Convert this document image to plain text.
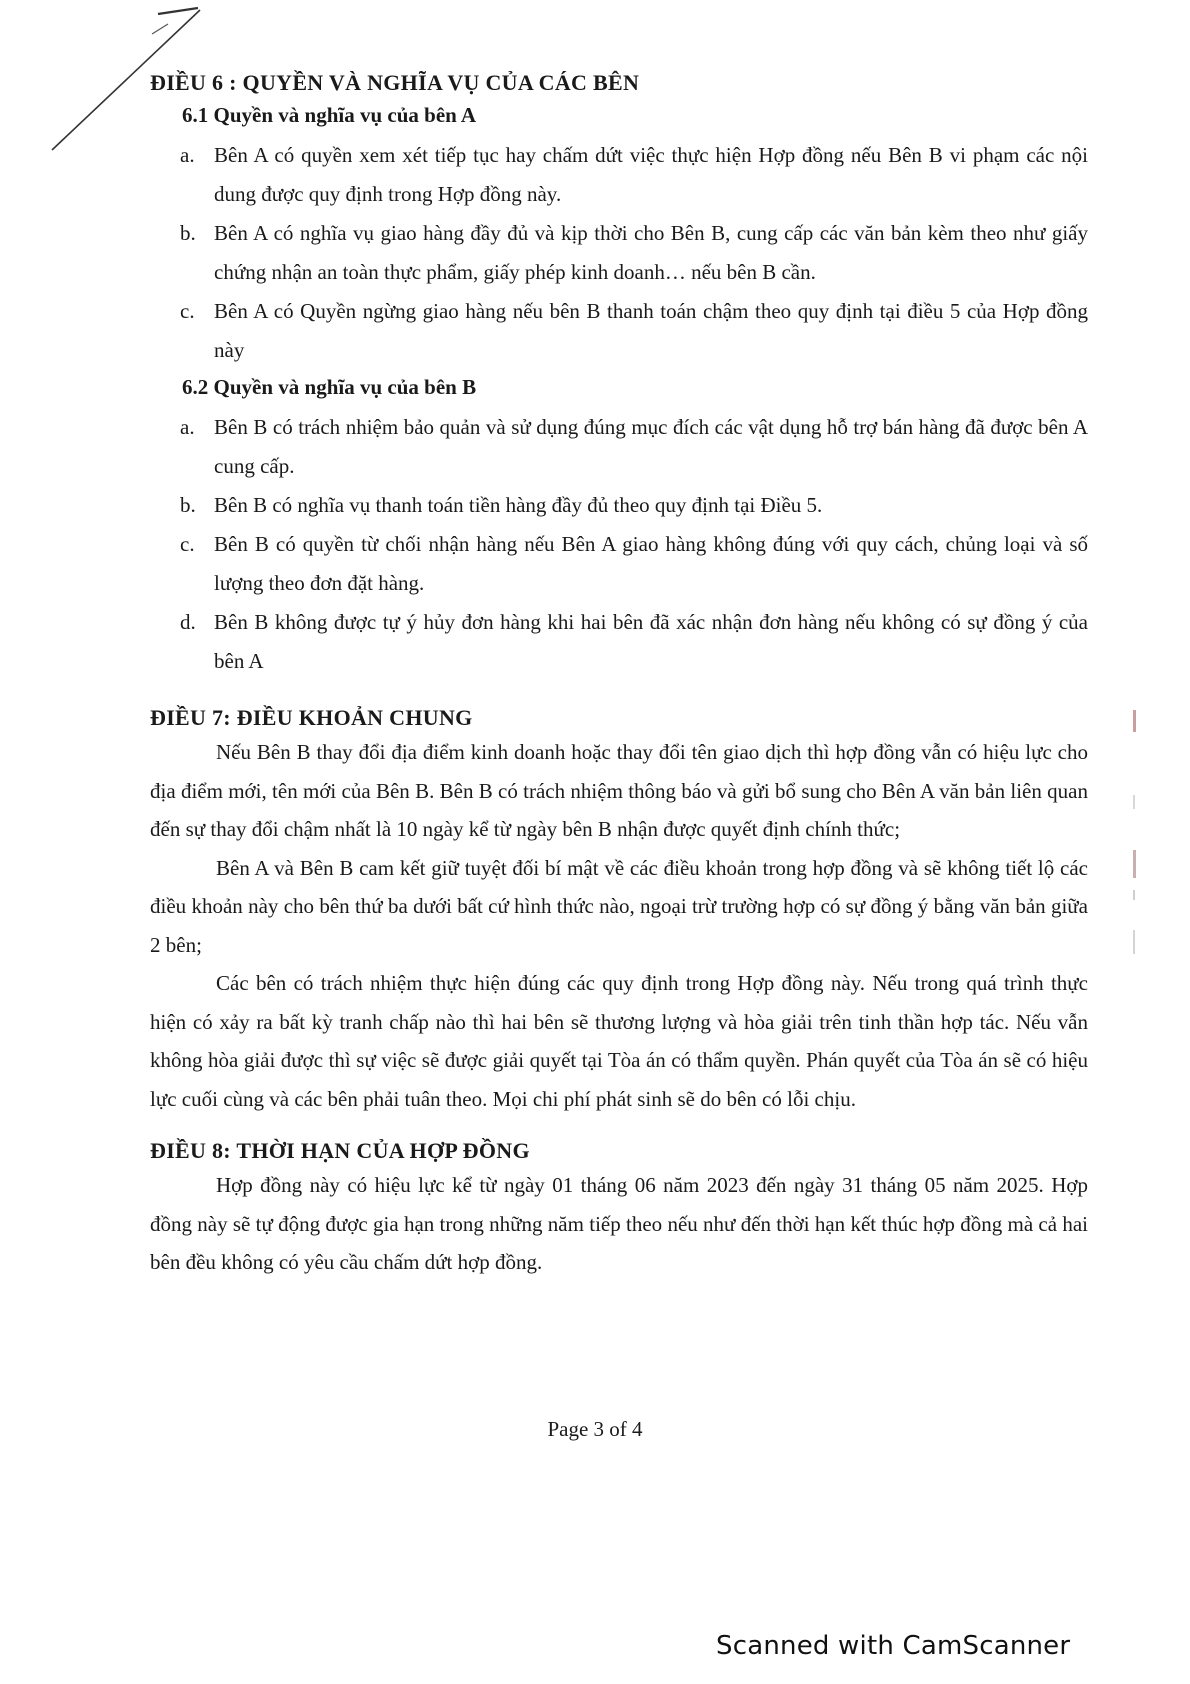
ĐIỀU 6 : QUYỀN VÀ NGHĨA VỤ CỦA CÁC BÊN
6.1 Quyền và nghĩa vụ của bên A
a. Bên A có quyền xem xét tiếp tục hay chấm dứt việc thực hiện Hợp đồng nếu Bên B vi phạm các nội dung được quy định trong Hợp đồng này.
b. Bên A có nghĩa vụ giao hàng đầy đủ và kịp thời cho Bên B, cung cấp các văn bản kèm theo như giấy chứng nhận an toàn thực phẩm, giấy phép kinh doanh… nếu bên B cần.
c. Bên A có Quyền ngừng giao hàng nếu bên B thanh toán chậm theo quy định tại điều 5 của Hợp đồng này
6.2 Quyền và nghĩa vụ của bên B
a. Bên B có trách nhiệm bảo quản và sử dụng đúng mục đích các vật dụng hỗ trợ bán hàng đã được bên A cung cấp.
b. Bên B có nghĩa vụ thanh toán tiền hàng đầy đủ theo quy định tại Điều 5.
c. Bên B có quyền từ chối nhận hàng nếu Bên A giao hàng không đúng với quy cách, chủng loại và số lượng theo đơn đặt hàng.
d. Bên B không được tự ý hủy đơn hàng khi hai bên đã xác nhận đơn hàng nếu không có sự đồng ý của bên A
ĐIỀU 7: ĐIỀU KHOẢN CHUNG

Nếu Bên B thay đổi địa điểm kinh doanh hoặc thay đổi tên giao dịch thì hợp đồng vẫn có hiệu lực cho địa điểm mới, tên mới của Bên B. Bên B có trách nhiệm thông báo và gửi bổ sung cho Bên A văn bản liên quan đến sự thay đổi chậm nhất là 10 ngày kể từ ngày bên B nhận được quyết định chính thức;

Bên A và Bên B cam kết giữ tuyệt đối bí mật về các điều khoản trong hợp đồng và sẽ không tiết lộ các điều khoản này cho bên thứ ba dưới bất cứ hình thức nào, ngoại trừ trường hợp có sự đồng ý bằng văn bản giữa 2 bên;

Các bên có trách nhiệm thực hiện đúng các quy định trong Hợp đồng này. Nếu trong quá trình thực hiện có xảy ra bất kỳ tranh chấp nào thì hai bên sẽ thương lượng và hòa giải trên tinh thần hợp tác. Nếu vẫn không hòa giải được thì sự việc sẽ được giải quyết tại Tòa án có thẩm quyền. Phán quyết của Tòa án sẽ có hiệu lực cuối cùng và các bên phải tuân theo. Mọi chi phí phát sinh sẽ do bên có lỗi chịu.

ĐIỀU 8: THỜI HẠN CỦA HỢP ĐỒNG

Hợp đồng này có hiệu lực kể từ ngày 01 tháng 06 năm 2023 đến ngày 31 tháng 05 năm 2025. Hợp đồng này sẽ tự động được gia hạn trong những năm tiếp theo nếu như đến thời hạn kết thúc hợp đồng mà cả hai bên đều không có yêu cầu chấm dứt hợp đồng.

Page 3 of 4
Scanned with CamScanner
